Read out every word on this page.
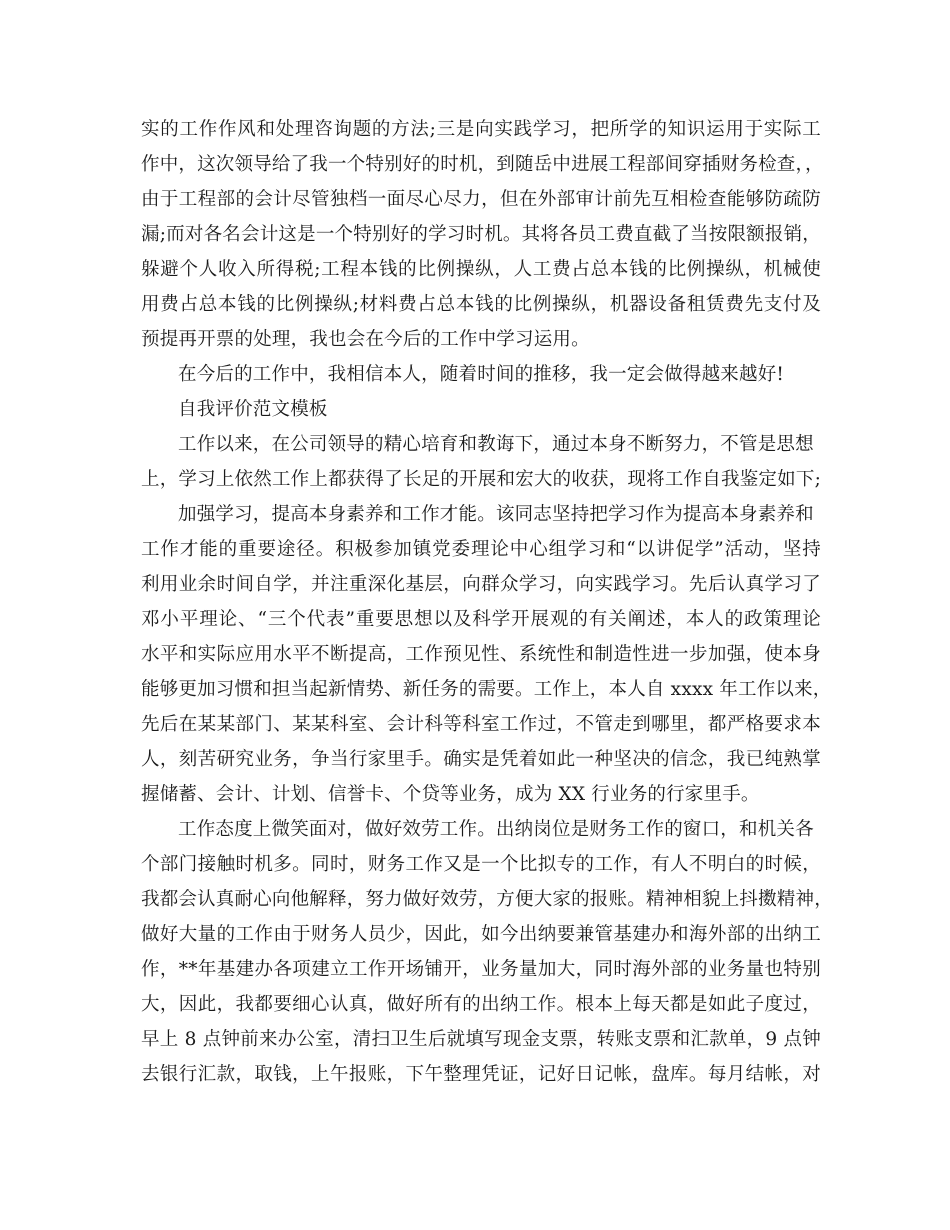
实的工作作风和处理咨询题的方法;三是向实践学习，把所学的知识运用于实际工
作中，这次领导给了我一个特别好的时机，到随岳中进展工程部间穿插财务检查，，
由于工程部的会计尽管独档一面尽心尽力，但在外部审计前先互相检查能够防疏防
漏;而对各名会计这是一个特别好的学习时机。其将各员工费直截了当按限额报销，
躲避个人收入所得税;工程本钱的比例操纵，人工费占总本钱的比例操纵，机械使
用费占总本钱的比例操纵;材料费占总本钱的比例操纵，机器设备租赁费先支付及
预提再开票的处理，我也会在今后的工作中学习运用。
在今后的工作中，我相信本人，随着时间的推移，我一定会做得越来越好!
自我评价范文模板
工作以来，在公司领导的精心培育和教诲下，通过本身不断努力，不管是思想
上，学习上依然工作上都获得了长足的开展和宏大的收获，现将工作自我鉴定如下;
加强学习，提高本身素养和工作才能。该同志坚持把学习作为提高本身素养和
工作才能的重要途径。积极参加镇党委理论中心组学习和“以讲促学”活动，坚持
利用业余时间自学，并注重深化基层，向群众学习，向实践学习。先后认真学习了
邓小平理论、“三个代表”重要思想以及科学开展观的有关阐述，本人的政策理论
水平和实际应用水平不断提高，工作预见性、系统性和制造性进一步加强，使本身
能够更加习惯和担当起新情势、新任务的需要。工作上，本人自 xxxx 年工作以来，
先后在某某部门、某某科室、会计科等科室工作过，不管走到哪里，都严格要求本
人，刻苦研究业务，争当行家里手。确实是凭着如此一种坚决的信念，我已纯熟掌
握储蓄、会计、计划、信誉卡、个贷等业务，成为 XX 行业务的行家里手。
工作态度上微笑面对，做好效劳工作。出纳岗位是财务工作的窗口，和机关各
个部门接触时机多。同时，财务工作又是一个比拟专的工作，有人不明白的时候，
我都会认真耐心向他解释，努力做好效劳，方便大家的报账。精神相貌上抖擞精神，
做好大量的工作由于财务人员少，因此，如今出纳要兼管基建办和海外部的出纳工
作，**年基建办各项建立工作开场铺开，业务量加大，同时海外部的业务量也特别
大，因此，我都要细心认真，做好所有的出纳工作。根本上每天都是如此子度过，
早上 8 点钟前来办公室，清扫卫生后就填写现金支票，转账支票和汇款单，9 点钟
去银行汇款，取钱，上午报账，下午整理凭证，记好日记帐，盘库。每月结帐，对
